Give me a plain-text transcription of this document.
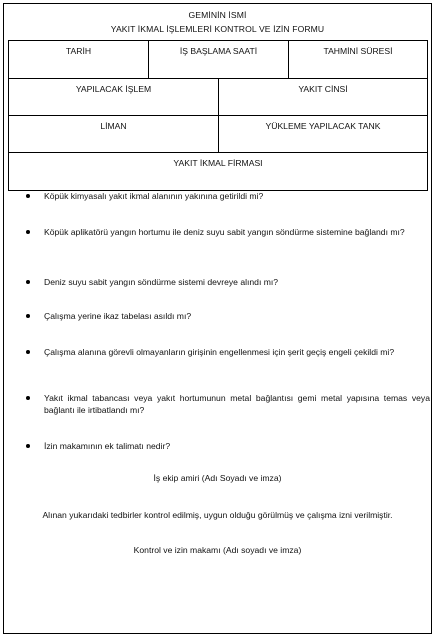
GEMİNİN İSMİ
YAKIT İKMAL İŞLEMLERİ KONTROL VE İZİN FORMU
TARİH	İŞ BAŞLAMA SAATİ	TAHMİNİ SÜRESİ
YAPILACAK İŞLEM	YAKIT CİNSİ
LİMAN	YÜKLEME YAPILACAK TANK
YAKIT İKMAL FİRMASI
Köpük kimyasalı yakıt ikmal alanının yakınına getirildi mi?
Köpük aplikatörü yangın hortumu ile deniz suyu sabit yangın söndürme sistemine bağlandı mı?
Deniz suyu sabit yangın söndürme sistemi devreye alındı mı?
Çalışma yerine ikaz tabelası asıldı mı?
Çalışma alanına görevli olmayanların girişinin engellenmesi için şerit geçiş engeli çekildi mi?
Yakıt ikmal tabancası veya yakıt hortumunun metal bağlantısı gemi metal yapısına temas veya bağlantı ile irtibatlandı mı?
İzin makamının ek talimatı nedir?
İş ekip amiri (Adı Soyadı ve imza)
Alınan yukarıdaki tedbirler kontrol edilmiş, uygun olduğu görülmüş ve çalışma izni verilmiştir.
Kontrol ve izin makamı (Adı soyadı ve imza)
